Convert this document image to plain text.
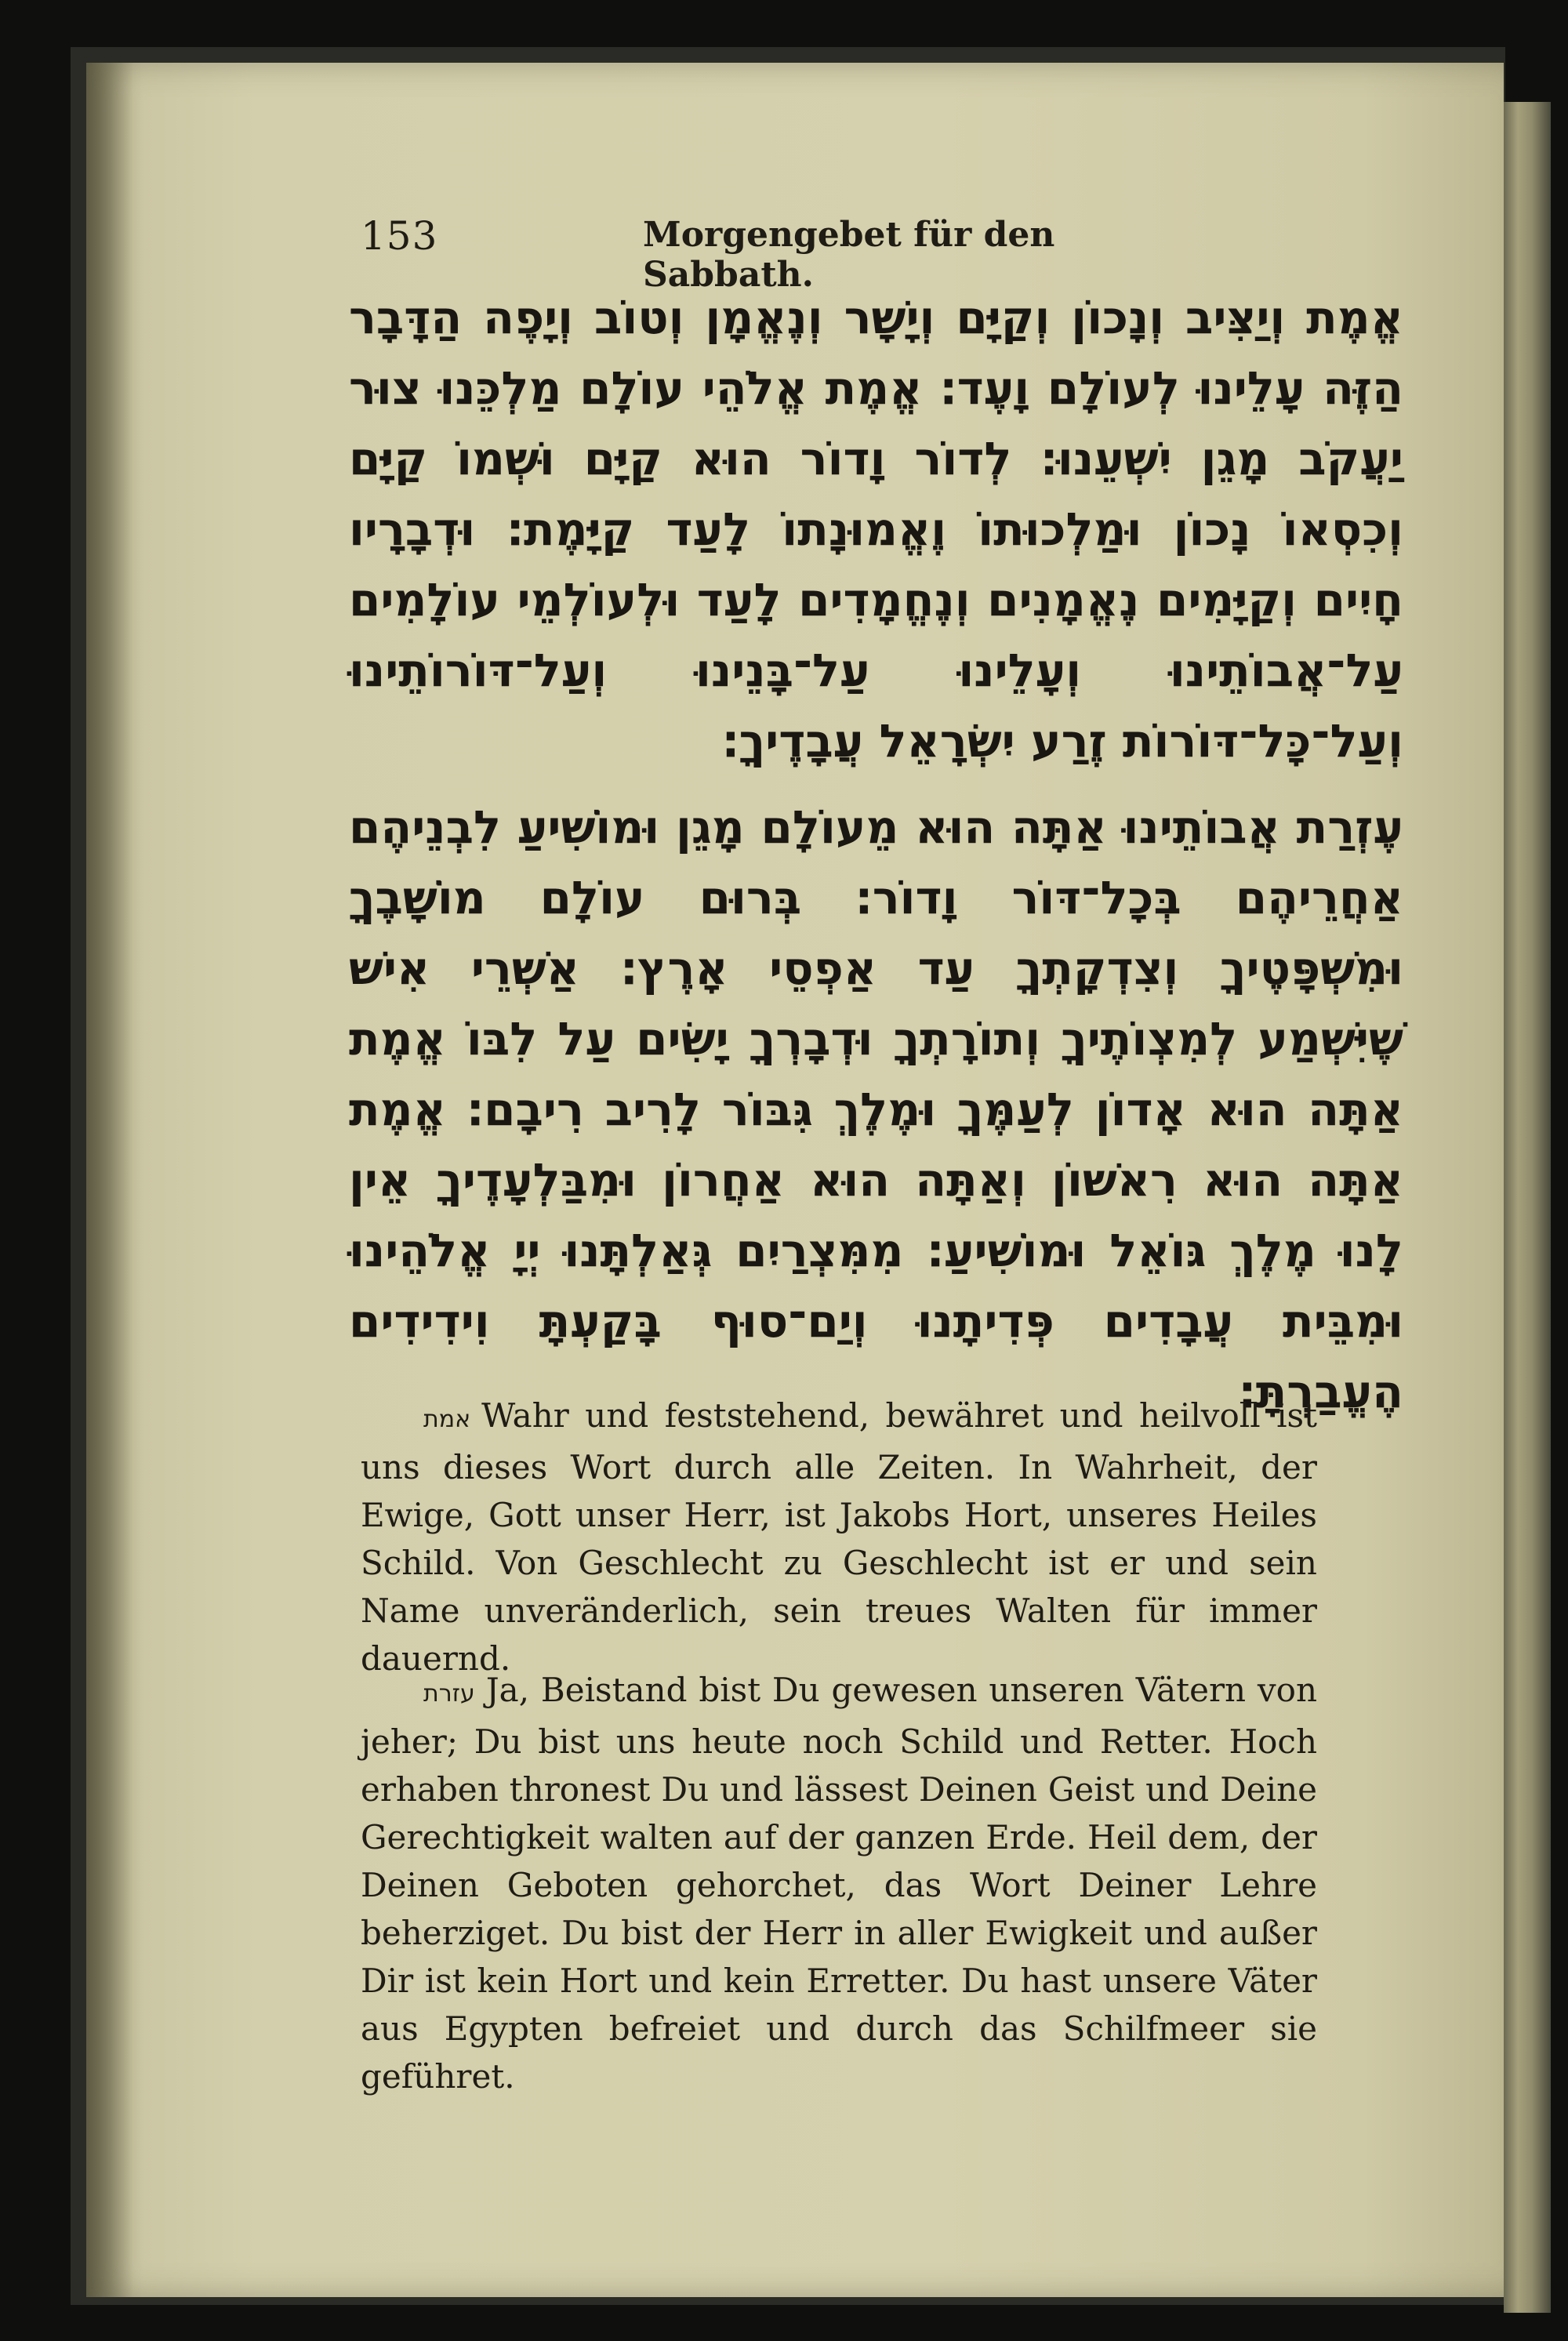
153	Morgengebet für den Sabbath.

אֱמֶת וְיַצִּיב וְנָכוֹן וְקַיָּם וְיָשָׁר וְנֶאֱמָן וְטוֹב וְיָפֶה הַדָּבָר הַזֶּה עָלֵינוּ לְעוֹלָם וָעֶד׃ אֱמֶת אֱלֹהֵי עוֹלָם מַלְכֵּנוּ צוּר יַעֲקֹב מָגֵן יִשְׁעֵנוּ׃ לְדוֹר וָדוֹר הוּא קַיָּם וּשְׁמוֹ קַיָּם וְכִסְאוֹ נָכוֹן וּמַלְכוּתוֹ וֶאֱמוּנָתוֹ לָעַד קַיָּמֶת׃ וּדְבָרָיו חָיִים וְקַיָּמִים נֶאֱמָנִים וְנֶחֱמָדִים לָעַד וּלְעוֹלְמֵי עוֹלָמִים עַל־אֲבוֹתֵינוּ וְעָלֵינוּ עַל־בָּנֵינוּ וְעַל־דּוֹרוֹתֵינוּ וְעַל־כָּל־דּוֹרוֹת זֶרַע יִשְׂרָאֵל עֲבָדֶיךָ׃

עֶזְרַת אֲבוֹתֵינוּ אַתָּה הוּא מֵעוֹלָם מָגֵן וּמוֹשִׁיעַ לִבְנֵיהֶם אַחֲרֵיהֶם בְּכָל־דּוֹר וָדוֹר׃ בְּרוּם עוֹלָם מוֹשָׁבֶךָ וּמִשְׁפָּטֶיךָ וְצִדְקָתְךָ עַד אַפְסֵי אָרֶץ׃ אַשְׁרֵי אִישׁ שֶׁיִּשְׁמַע לְמִצְוֹתֶיךָ וְתוֹרָתְךָ וּדְבָרְךָ יָשִׂים עַל לִבּוֹ אֱמֶת אַתָּה הוּא אָדוֹן לְעַמֶּךָ וּמֶלֶךְ גִּבּוֹר לָרִיב רִיבָם׃ אֱמֶת אַתָּה הוּא רִאשׁוֹן וְאַתָּה הוּא אַחֲרוֹן וּמִבַּלְעָדֶיךָ אֵין לָנוּ מֶלֶךְ גּוֹאֵל וּמוֹשִׁיעַ׃ מִמִּצְרַיִם גְּאַלְתָּנוּ יְיָ אֱלֹהֵינוּ וּמִבֵּית עֲבָדִים פְּדִיתָנוּ וְיַם־סוּף בָּקַעְתָּ וִידִידִים הֶעֱבַרְתָּ׃

אמת Wahr und feststehend, bewähret und heilvoll ist uns dieses Wort durch alle Zeiten. In Wahrheit, der Ewige, Gott unser Herr, ist Jakobs Hort, unseres Heiles Schild. Von Geschlecht zu Geschlecht ist er und sein Name unveränderlich, sein treues Walten für immer dauernd.

עזרת Ja, Beistand bist Du gewesen unseren Vätern von jeher; Du bist uns heute noch Schild und Retter. Hoch erhaben thronest Du und lässest Deinen Geist und Deine Gerechtigkeit walten auf der ganzen Erde. Heil dem, der Deinen Geboten gehorchet, das Wort Deiner Lehre beherziget. Du bist der Herr in aller Ewigkeit und außer Dir ist kein Hort und kein Erretter. Du hast unsere Väter aus Egypten befreiet und durch das Schilfmeer sie geführet.
